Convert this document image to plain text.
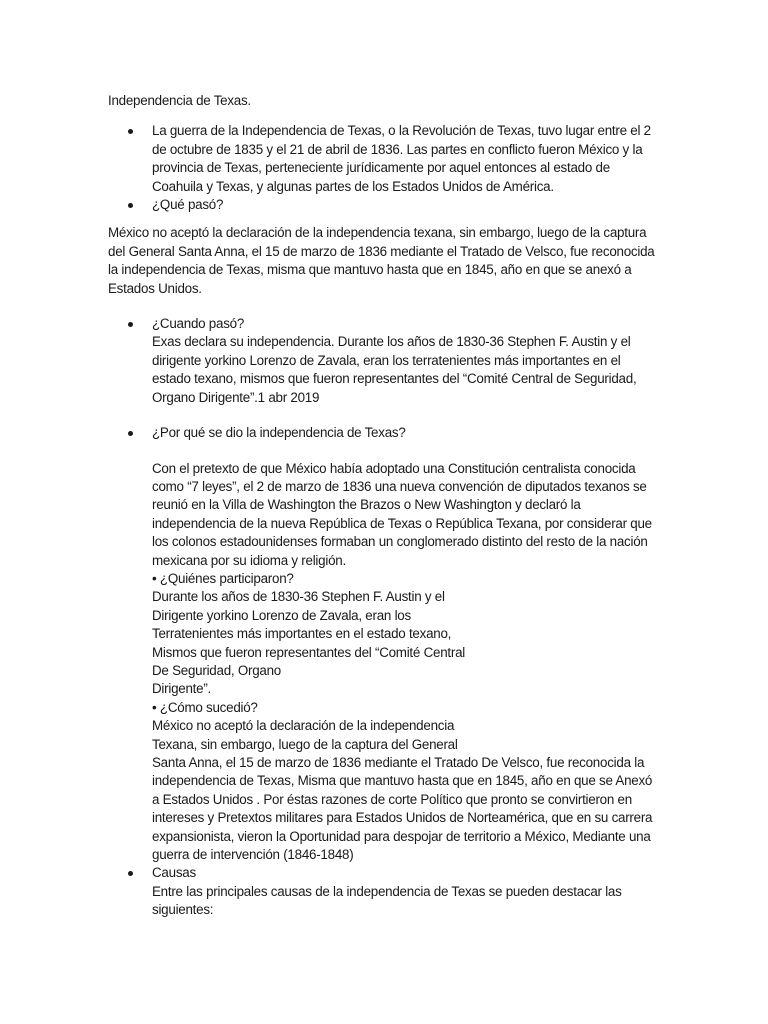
Independencia de Texas.

La guerra de la Independencia de Texas, o la Revolución de Texas, tuvo lugar entre el 2 de octubre de 1835 y el 21 de abril de 1836. Las partes en conflicto fueron México y la provincia de Texas, perteneciente jurídicamente por aquel entonces al estado de Coahuila y Texas, y algunas partes de los Estados Unidos de América.

¿Qué pasó?

México no aceptó la declaración de la independencia texana, sin embargo, luego de la captura del General Santa Anna, el 15 de marzo de 1836 mediante el Tratado de Velsco, fue reconocida la independencia de Texas, misma que mantuvo hasta que en 1845, año en que se anexó a Estados Unidos.

¿Cuando pasó?

Exas declara su independencia. Durante los años de 1830-36 Stephen F. Austin y el dirigente yorkino Lorenzo de Zavala, eran los terratenientes más importantes en el estado texano, mismos que fueron representantes del “Comité Central de Seguridad, Organo Dirigente”.1 abr 2019

¿Por qué se dio la independencia de Texas?

Con el pretexto de que México había adoptado una Constitución centralista conocida como “7 leyes”, el 2 de marzo de 1836 una nueva convención de diputados texanos se reunió en la Villa de Washington the Brazos o New Washington y declaró la independencia de la nueva República de Texas o República Texana, por considerar que los colonos estadounidenses formaban un conglomerado distinto del resto de la nación mexicana por su idioma y religión.

• ¿Quiénes participaron?

Durante los años de 1830-36 Stephen F. Austin y el

Dirigente yorkino Lorenzo de Zavala, eran los

Terratenientes más importantes en el estado texano,

Mismos que fueron representantes del “Comité Central

De Seguridad, Organo

Dirigente”.

• ¿Cómo sucedió?

México no aceptó la declaración de la independencia

Texana, sin embargo, luego de la captura del General

Santa Anna, el 15 de marzo de 1836 mediante el Tratado De Velsco, fue reconocida la independencia de Texas, Misma que mantuvo hasta que en 1845, año en que se Anexó a Estados Unidos . Por éstas razones de corte Político que pronto se convirtieron en intereses y Pretextos militares para Estados Unidos de Norteamérica, que en su carrera expansionista, vieron la Oportunidad para despojar de territorio a México, Mediante una guerra de intervención (1846-1848)

Causas

Entre las principales causas de la independencia de Texas se pueden destacar las siguientes:
